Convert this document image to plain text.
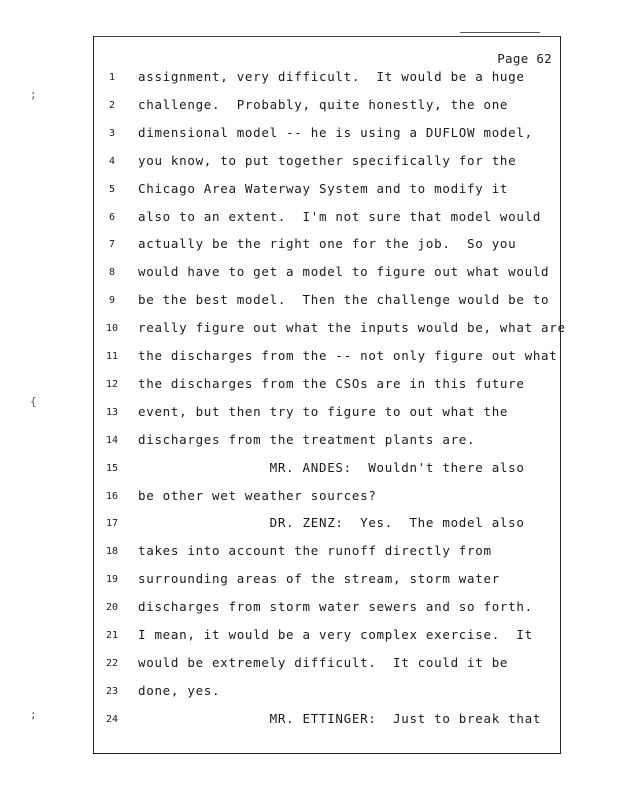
;
{
;
Page 62
1	assignment, very difficult.  It would be a huge
2	challenge.  Probably, quite honestly, the one
3	dimensional model -- he is using a DUFLOW model,
4	you know, to put together specifically for the
5	Chicago Area Waterway System and to modify it
6	also to an extent.  I'm not sure that model would
7	actually be the right one for the job.  So you
8	would have to get a model to figure out what would
9	be the best model.  Then the challenge would be to
10	really figure out what the inputs would be, what are
11	the discharges from the -- not only figure out what
12	the discharges from the CSOs are in this future
13	event, but then try to figure to out what the
14	discharges from the treatment plants are.
15	MR. ANDES:  Wouldn't there also
16	be other wet weather sources?
17	DR. ZENZ:  Yes.  The model also
18	takes into account the runoff directly from
19	surrounding areas of the stream, storm water
20	discharges from storm water sewers and so forth.
21	I mean, it would be a very complex exercise.  It
22	would be extremely difficult.  It could it be
23	done, yes.
24	MR. ETTINGER:  Just to break that
